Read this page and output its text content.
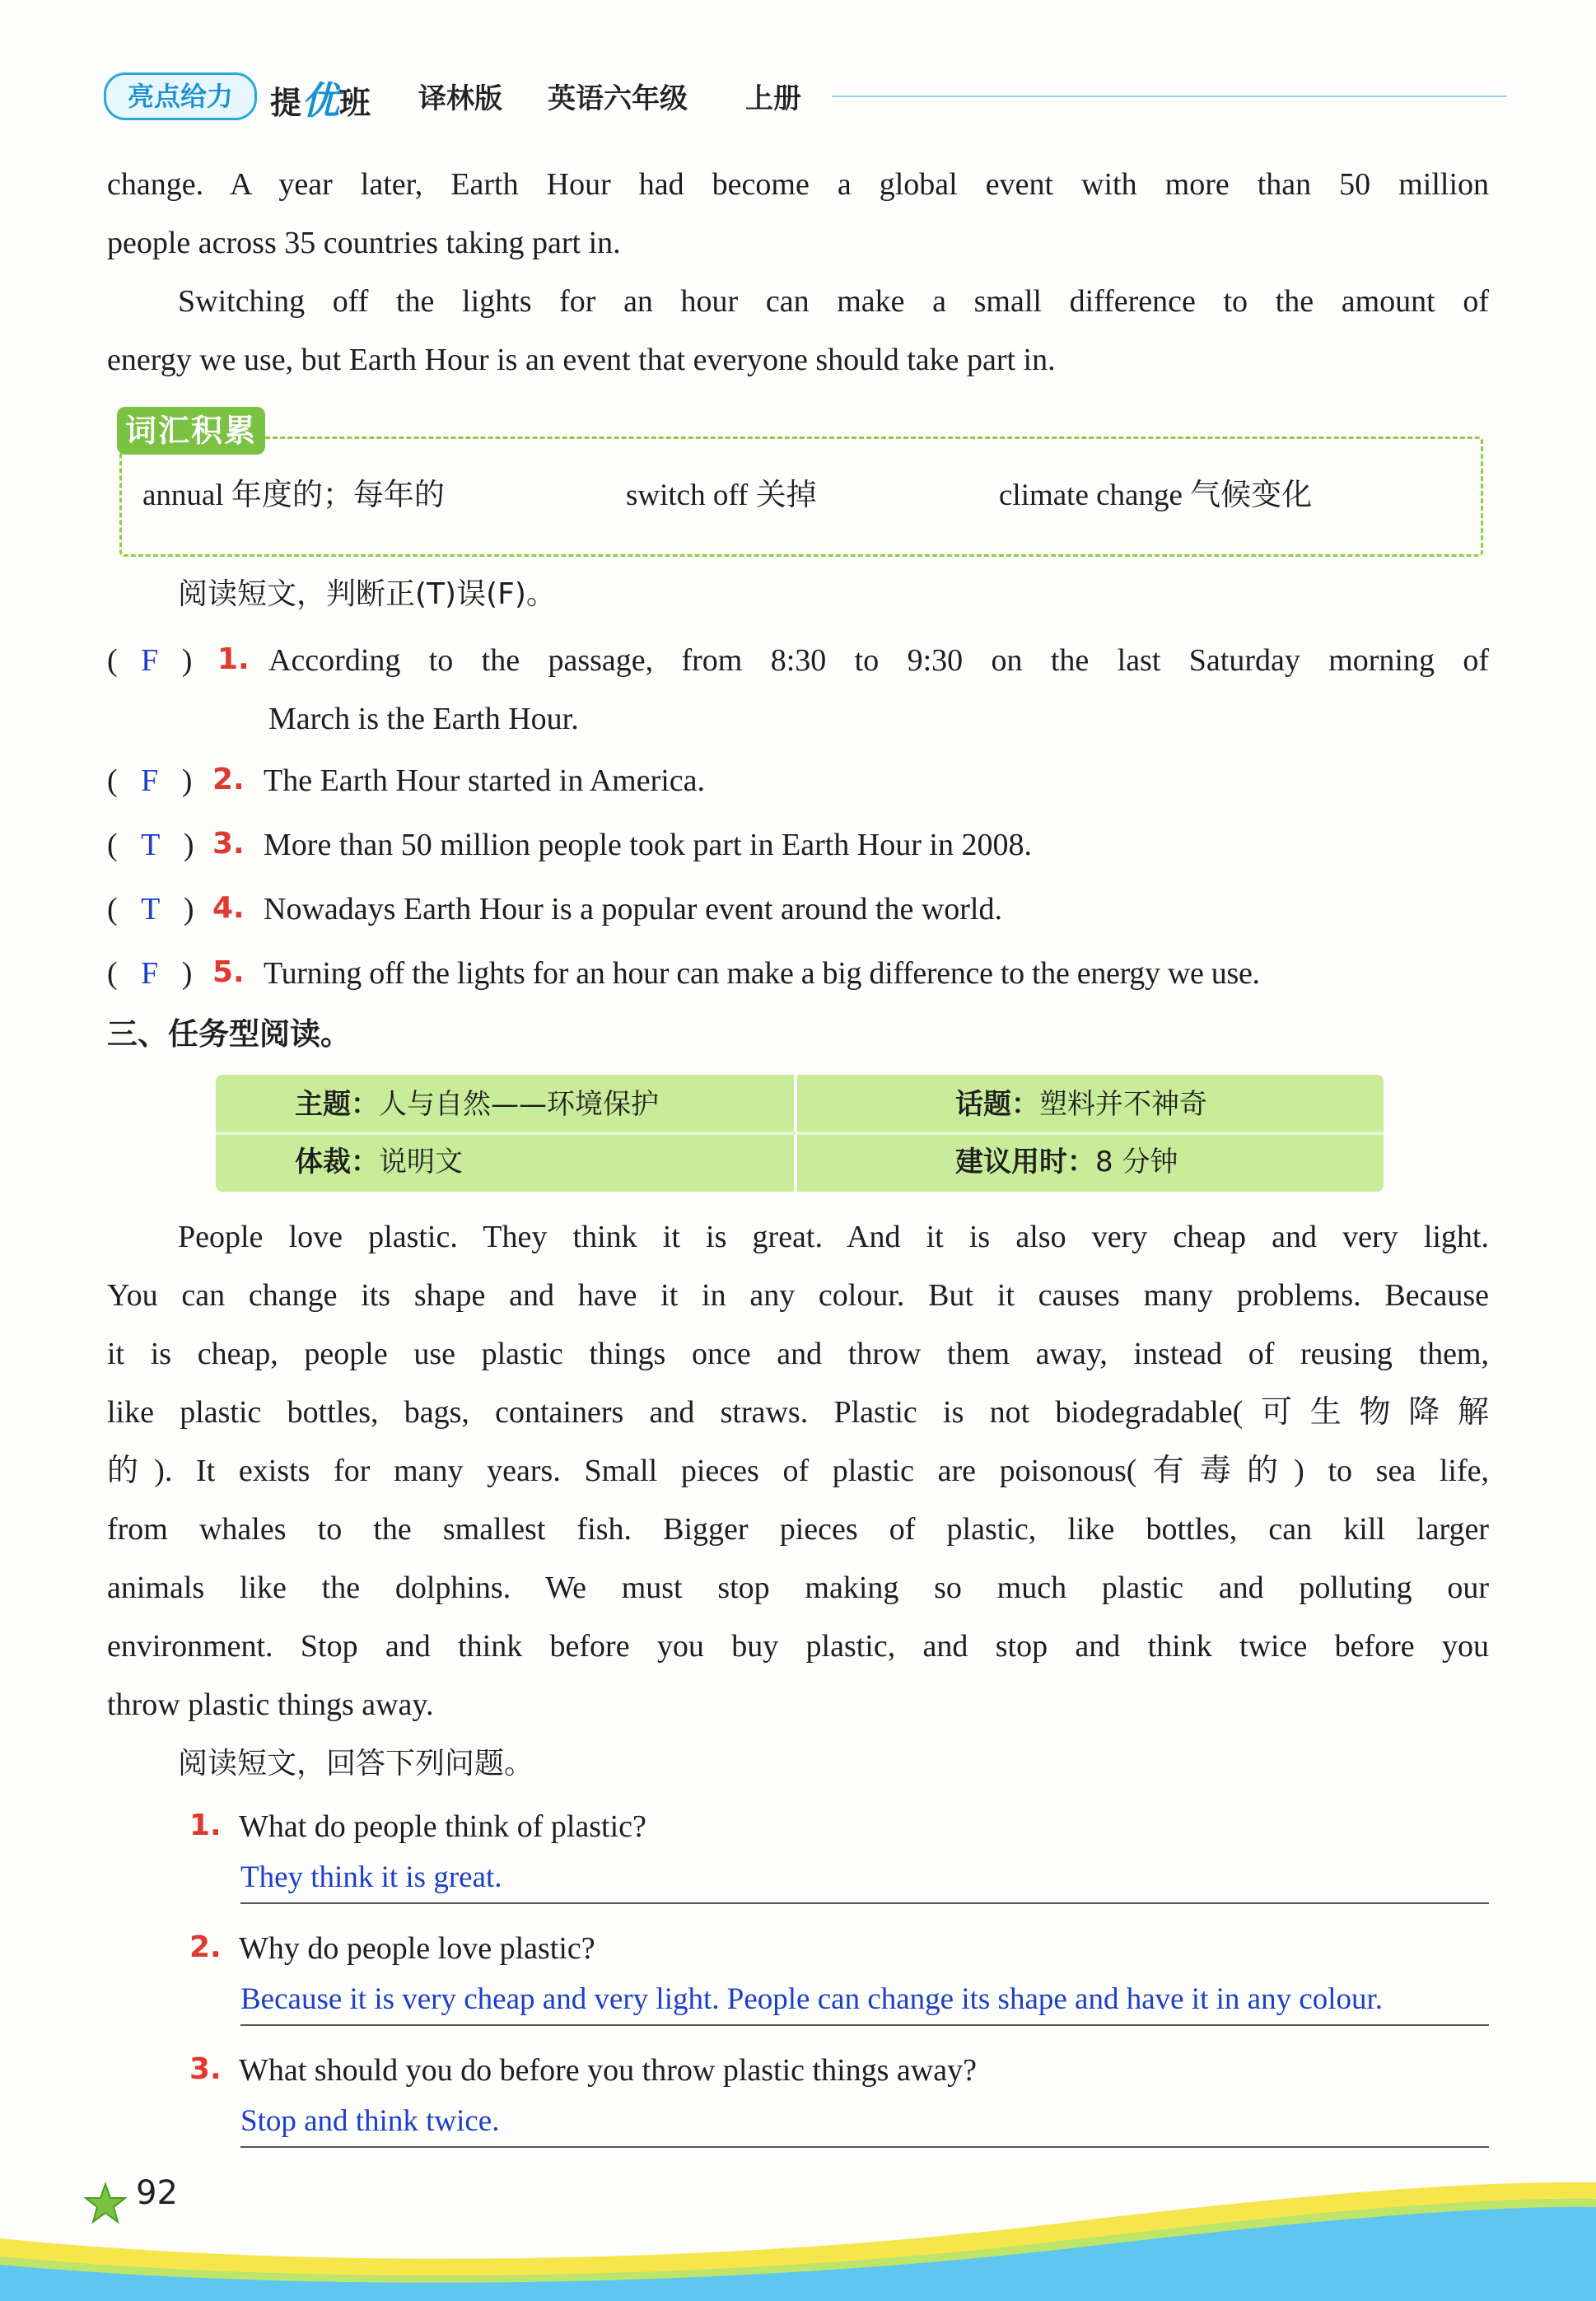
亮点给力	提优班 译林版 英语六年级 上册
change. A year later, Earth Hour had become a global event with more than 50 million
people across 35 countries taking part in.
Switching off the lights for an hour can make a small difference to the amount of
energy we use, but Earth Hour is an event that everyone should take part in.
词汇积累
annual 年度的；每年的	switch off 关掉	climate change 气候变化
阅读短文，判断正(T)误(F)。
(   F   ) 1. According to the passage, from 8:30 to 9:30 on the last Saturday morning of
March is the Earth Hour.
(   F   ) 2. The Earth Hour started in America.
(   T   ) 3. More than 50 million people took part in Earth Hour in 2008.
(   T   ) 4. Nowadays Earth Hour is a popular event around the world.
(   F   ) 5. Turning off the lights for an hour can make a big difference to the energy we use.
三、任务型阅读。
主题：人与自然——环境保护	话题：塑料并不神奇
体裁：说明文	建议用时：8 分钟
People love plastic. They think it is great. And it is also very cheap and very light.
You can change its shape and have it in any colour. But it causes many problems. Because
it is cheap, people use plastic things once and throw them away, instead of reusing them,
like plastic bottles, bags, containers and straws. Plastic is not biodegradable(可生物降解
的). It exists for many years. Small pieces of plastic are poisonous(有毒的) to sea life,
from whales to the smallest fish. Bigger pieces of plastic, like bottles, can kill larger
animals like the dolphins. We must stop making so much plastic and polluting our
environment. Stop and think before you buy plastic, and stop and think twice before you
throw plastic things away.
阅读短文，回答下列问题。
1. What do people think of plastic?
They think it is great.
2. Why do people love plastic?
Because it is very cheap and very light. People can change its shape and have it in any colour.
3. What should you do before you throw plastic things away?
Stop and think twice.
92
